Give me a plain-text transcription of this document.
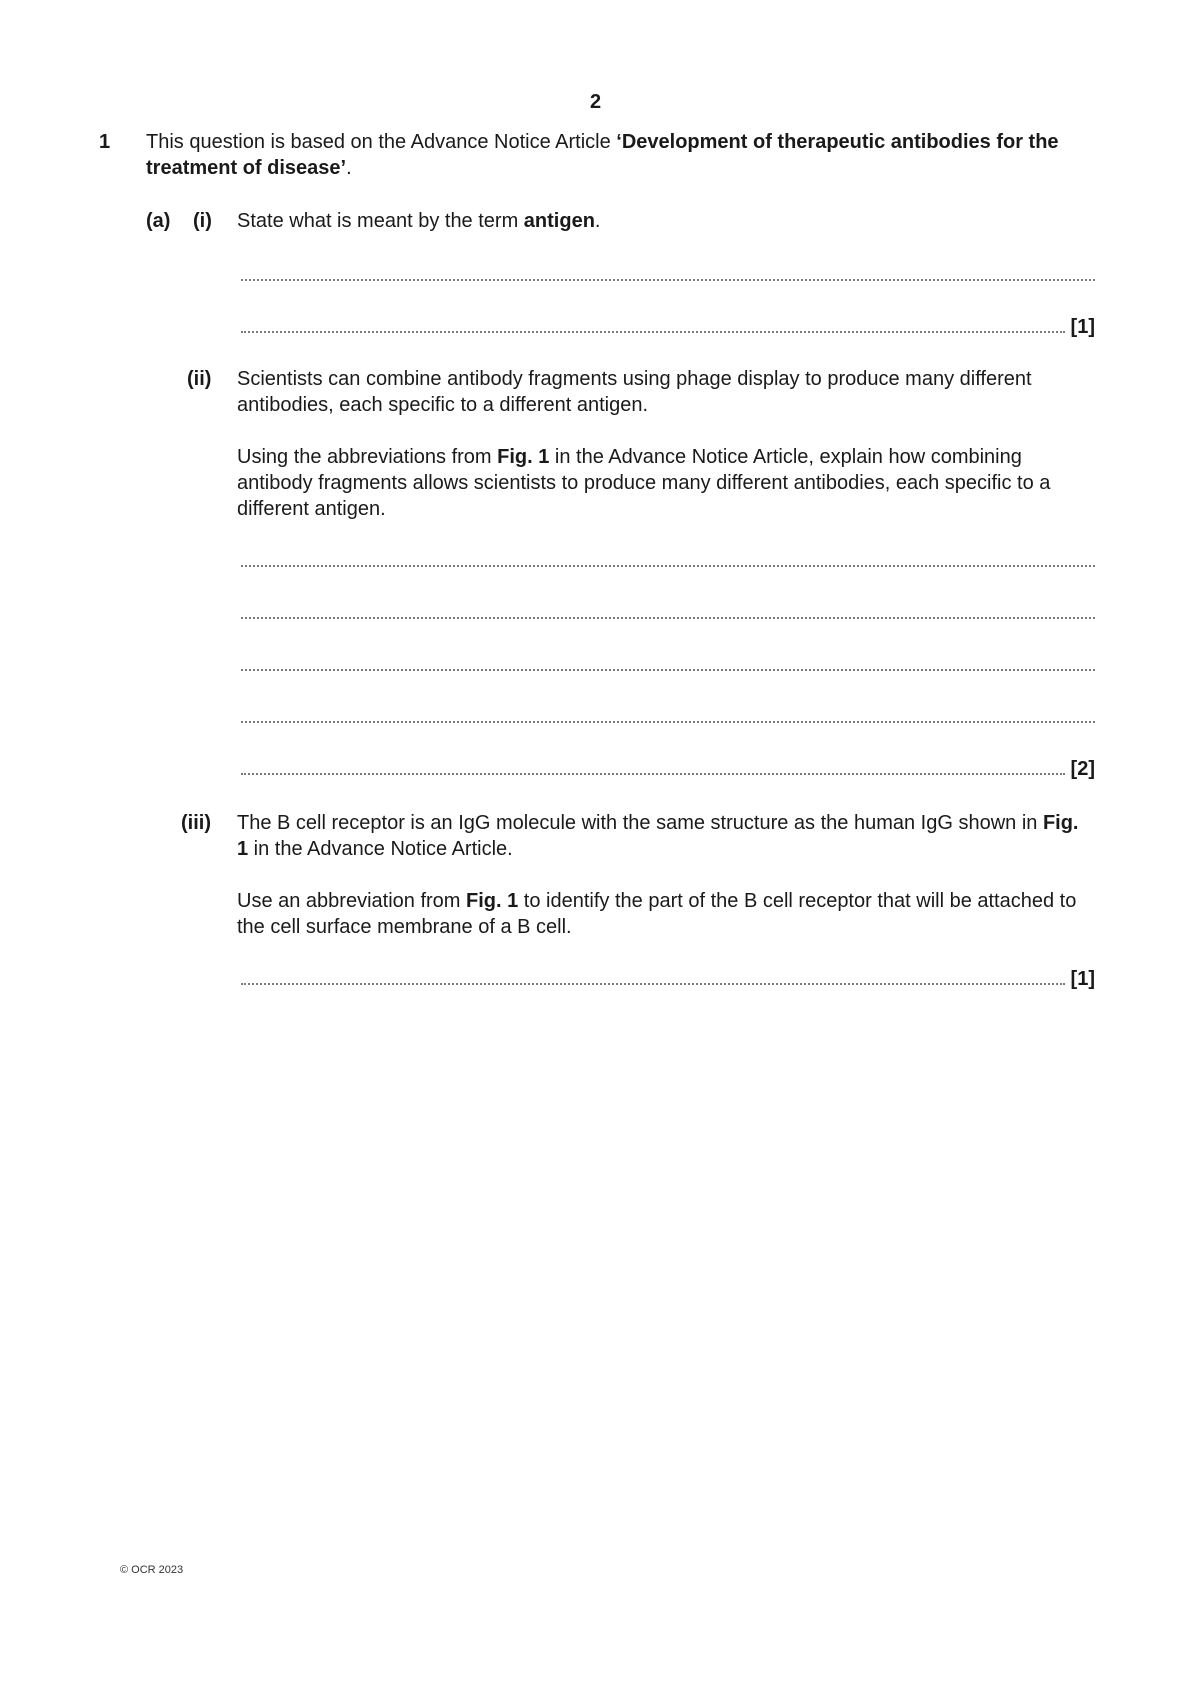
2
1 This question is based on the Advance Notice Article ‘Development of therapeutic antibodies for the treatment of disease’.
(a) (i) State what is meant by the term antigen.
[1]
(ii) Scientists can combine antibody fragments using phage display to produce many different antibodies, each specific to a different antigen.
Using the abbreviations from Fig. 1 in the Advance Notice Article, explain how combining antibody fragments allows scientists to produce many different antibodies, each specific to a different antigen.
[2]
(iii) The B cell receptor is an IgG molecule with the same structure as the human IgG shown in Fig. 1 in the Advance Notice Article.
Use an abbreviation from Fig. 1 to identify the part of the B cell receptor that will be attached to the cell surface membrane of a B cell.
[1]
© OCR 2023
